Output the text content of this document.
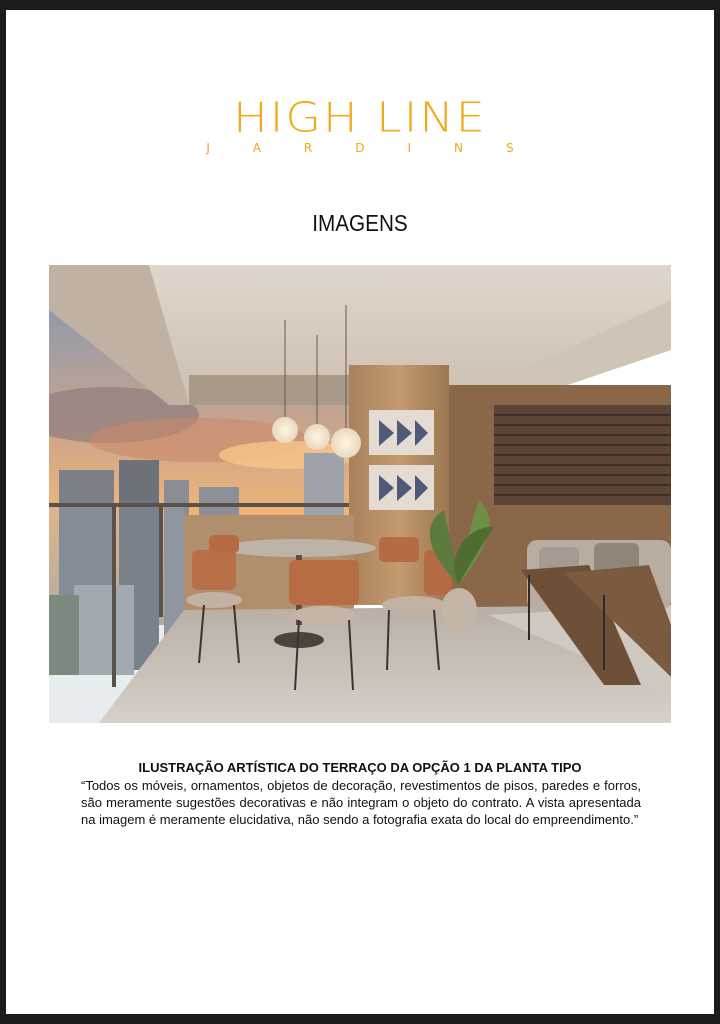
HIGH LINE
JARDINS
IMAGENS
ILUSTRAÇÃO ARTÍSTICA DO TERRAÇO DA OPÇÃO 1 DA PLANTA TIPO
“Todos os móveis, ornamentos, objetos de decoração, revestimentos de pisos, paredes e forros, são meramente sugestões decorativas e não integram o objeto do contrato. A vista apresentada na imagem é meramente elucidativa, não sendo a fotografia exata do local do empreendimento.”
